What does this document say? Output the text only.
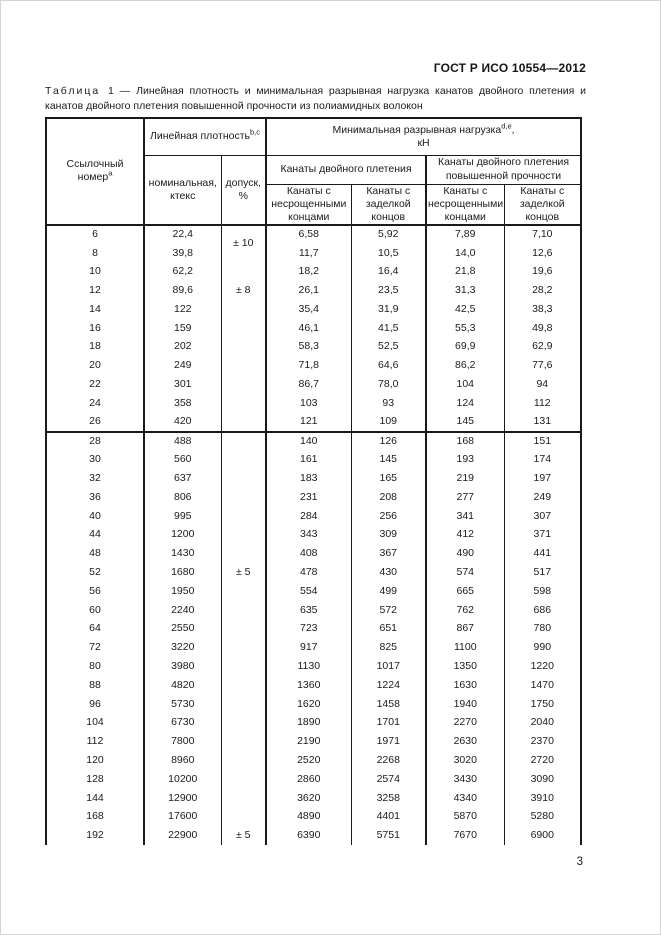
ГОСТ Р ИСО 10554—2012

Таблица 1 — Линейная плотность и минимальная разрывная нагрузка канатов двойного плетения и канатов двойного плетения повышенной прочности из полиамидных волокон

Ссылочный номер$^a$	Линейная плотность$^{b,c}$		Минимальная разрывная нагрузка$^{d,e}$,
кН			
	номинальная, ктекс	допуск, %	Канаты двойного плетения		Канаты двойного плетения повышенной прочности	
			Канаты с несрощенными концами	Канаты с заделкой концов	Канаты с несрощенными концами	Канаты с заделкой концов
6	22,4		6,58	5,92	7,89	7,10
8	39,8	± 10	11,7	10,5	14,0	12,6
10	62,2		18,2	16,4	21,8	19,6
12	89,6	± 8	26,1	23,5	31,3	28,2
14	122		35,4	31,9	42,5	38,3
16	159		46,1	41,5	55,3	49,8
18	202		58,3	52,5	69,9	62,9
20	249		71,8	64,6	86,2	77,6
22	301		86,7	78,0	104	94
24	358		103	93	124	112
26	420		121	109	145	131
28	488		140	126	168	151
30	560		161	145	193	174
32	637		183	165	219	197
36	806		231	208	277	249
40	995		284	256	341	307
44	1200		343	309	412	371
48	1430		408	367	490	441
52	1680	± 5	478	430	574	517
56	1950		554	499	665	598
60	2240		635	572	762	686
64	2550		723	651	867	780
72	3220		917	825	1100	990
80	3980		1130	1017	1350	1220
88	4820		1360	1224	1630	1470
96	5730		1620	1458	1940	1750
104	6730		1890	1701	2270	2040
112	7800		2190	1971	2630	2370
120	8960		2520	2268	3020	2720
128	10200		2860	2574	3430	3090
144	12900		3620	3258	4340	3910
168	17600		4890	4401	5870	5280
192	22900	± 5	6390	5751	7670	6900
3
